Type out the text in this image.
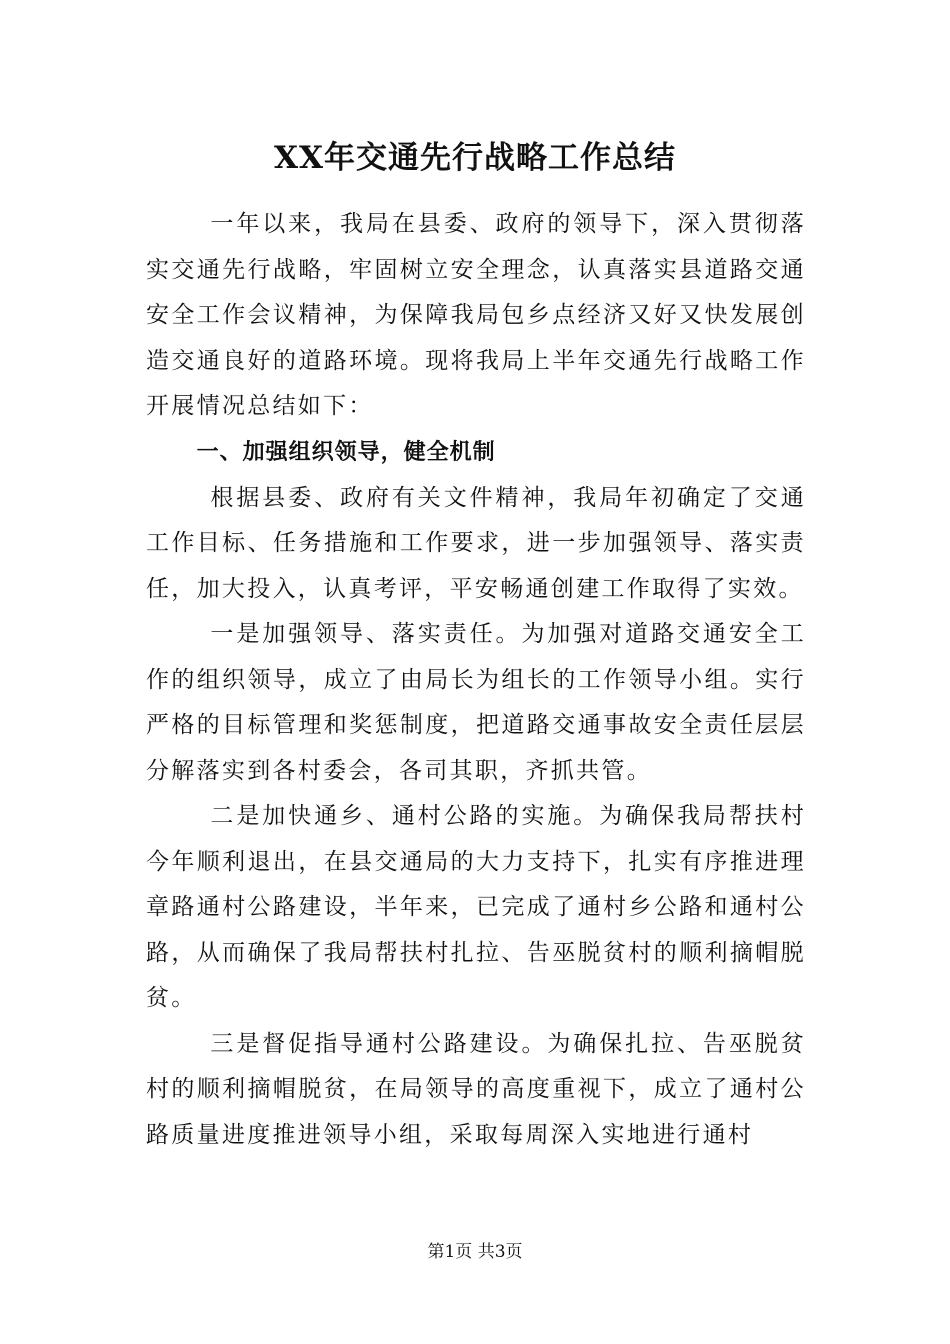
XX年交通先行战略工作总结

一年以来，我局在县委、政府的领导下，深入贯彻落实交通先行战略，牢固树立安全理念，认真落实县道路交通安全工作会议精神，为保障我局包乡点经济又好又快发展创造交通良好的道路环境。现将我局上半年交通先行战略工作开展情况总结如下：

一、加强组织领导，健全机制

根据县委、政府有关文件精神，我局年初确定了交通工作目标、任务措施和工作要求，进一步加强领导、落实责任，加大投入，认真考评，平安畅通创建工作取得了实效。

一是加强领导、落实责任。为加强对道路交通安全工作的组织领导，成立了由局长为组长的工作领导小组。实行严格的目标管理和奖惩制度，把道路交通事故安全责任层层分解落实到各村委会，各司其职，齐抓共管。

二是加快通乡、通村公路的实施。为确保我局帮扶村今年顺利退出，在县交通局的大力支持下，扎实有序推进理章路通村公路建设，半年来，已完成了通村乡公路和通村公路，从而确保了我局帮扶村扎拉、告巫脱贫村的顺利摘帽脱贫。

三是督促指导通村公路建设。为确保扎拉、告巫脱贫村的顺利摘帽脱贫，在局领导的高度重视下，成立了通村公路质量进度推进领导小组，采取每周深入实地进行通村

第1页 共3页
